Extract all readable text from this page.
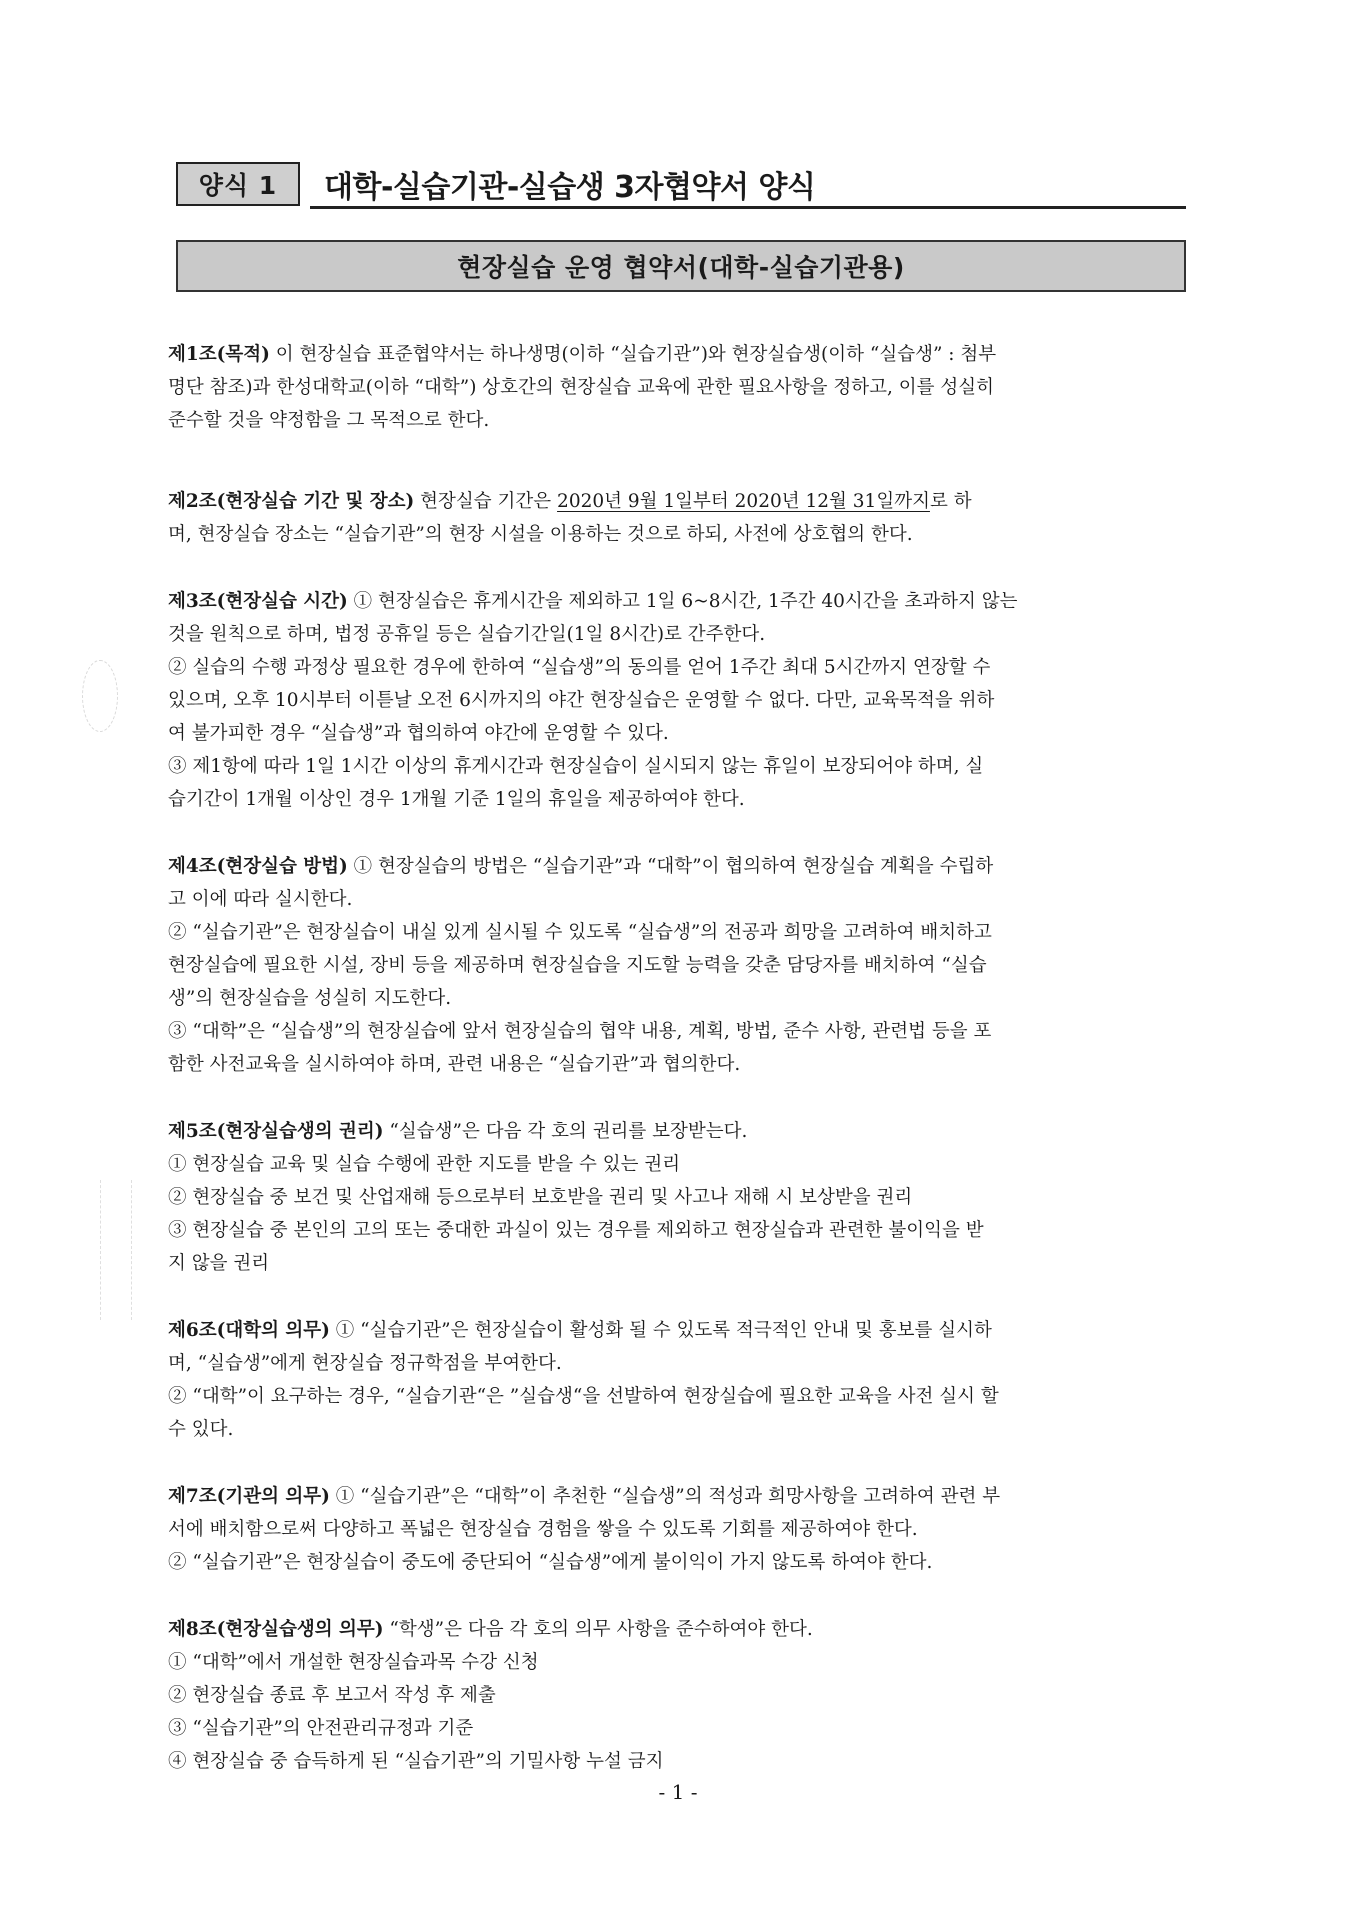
양식 1	대학-실습기관-실습생 3자협약서 양식
현장실습 운영 협약서(대학-실습기관용)

제1조(목적) 이 현장실습 표준협약서는 하나생명(이하 “실습기관”)와 현장실습생(이하 “실습생” : 첨부
명단 참조)과 한성대학교(이하 “대학”) 상호간의 현장실습 교육에 관한 필요사항을 정하고, 이를 성실히
준수할 것을 약정함을 그 목적으로 한다.

제2조(현장실습 기간 및 장소) 현장실습 기간은 2020년 9월 1일부터 2020년 12월 31일까지로 하
며, 현장실습 장소는 “실습기관”의 현장 시설을 이용하는 것으로 하되, 사전에 상호협의 한다.

제3조(현장실습 시간) ① 현장실습은 휴게시간을 제외하고 1일 6~8시간, 1주간 40시간을 초과하지 않는
것을 원칙으로 하며, 법정 공휴일 등은 실습기간일(1일 8시간)로 간주한다.
② 실습의 수행 과정상 필요한 경우에 한하여 “실습생”의 동의를 얻어 1주간 최대 5시간까지 연장할 수
있으며, 오후 10시부터 이튿날 오전 6시까지의 야간 현장실습은 운영할 수 없다. 다만, 교육목적을 위하
여 불가피한 경우 “실습생”과 협의하여 야간에 운영할 수 있다.
③ 제1항에 따라 1일 1시간 이상의 휴게시간과 현장실습이 실시되지 않는 휴일이 보장되어야 하며, 실
습기간이 1개월 이상인 경우 1개월 기준 1일의 휴일을 제공하여야 한다.

제4조(현장실습 방법) ① 현장실습의 방법은 “실습기관”과 “대학”이 협의하여 현장실습 계획을 수립하
고 이에 따라 실시한다.
② “실습기관”은 현장실습이 내실 있게 실시될 수 있도록 “실습생”의 전공과 희망을 고려하여 배치하고
현장실습에 필요한 시설, 장비 등을 제공하며 현장실습을 지도할 능력을 갖춘 담당자를 배치하여 “실습
생”의 현장실습을 성실히 지도한다.
③ “대학”은 “실습생”의 현장실습에 앞서 현장실습의 협약 내용, 계획, 방법, 준수 사항, 관련법 등을 포
함한 사전교육을 실시하여야 하며, 관련 내용은 “실습기관”과 협의한다.

제5조(현장실습생의 권리) “실습생”은 다음 각 호의 권리를 보장받는다.
① 현장실습 교육 및 실습 수행에 관한 지도를 받을 수 있는 권리
② 현장실습 중 보건 및 산업재해 등으로부터 보호받을 권리 및 사고나 재해 시 보상받을 권리
③ 현장실습 중 본인의 고의 또는 중대한 과실이 있는 경우를 제외하고 현장실습과 관련한 불이익을 받
지 않을 권리

제6조(대학의 의무) ① “실습기관”은 현장실습이 활성화 될 수 있도록 적극적인 안내 및 홍보를 실시하
며, “실습생”에게 현장실습 정규학점을 부여한다.
② “대학”이 요구하는 경우, “실습기관“은 ”실습생“을 선발하여 현장실습에 필요한 교육을 사전 실시 할
수 있다.

제7조(기관의 의무) ① “실습기관”은 “대학”이 추천한 “실습생”의 적성과 희망사항을 고려하여 관련 부
서에 배치함으로써 다양하고 폭넓은 현장실습 경험을 쌓을 수 있도록 기회를 제공하여야 한다.
② “실습기관”은 현장실습이 중도에 중단되어 “실습생”에게 불이익이 가지 않도록 하여야 한다.

제8조(현장실습생의 의무) “학생”은 다음 각 호의 의무 사항을 준수하여야 한다.
① “대학”에서 개설한 현장실습과목 수강 신청
② 현장실습 종료 후 보고서 작성 후 제출
③ “실습기관”의 안전관리규정과 기준
④ 현장실습 중 습득하게 된 “실습기관”의 기밀사항 누설 금지

- 1 -
